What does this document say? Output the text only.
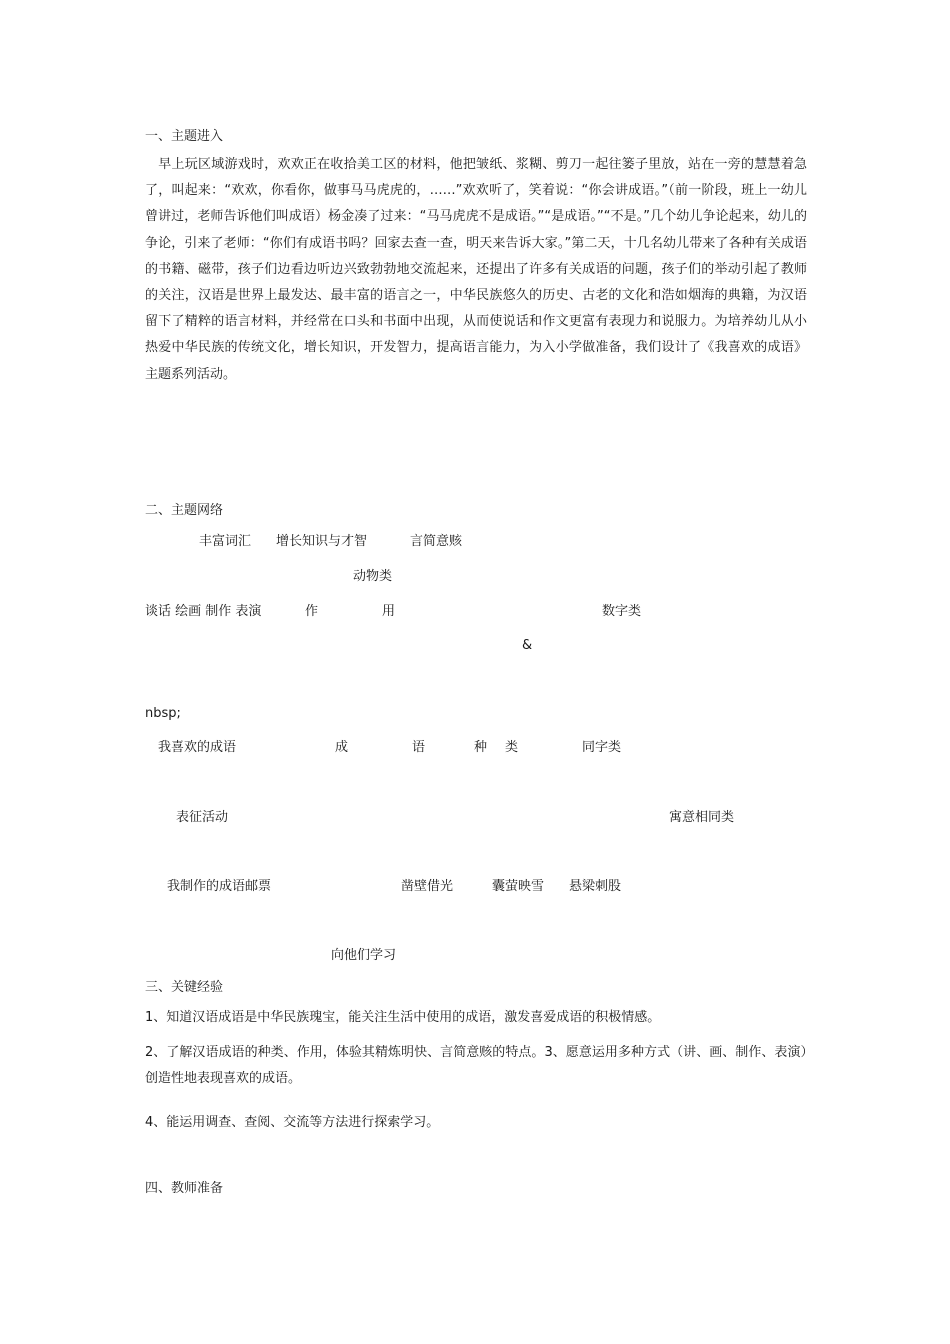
一、主题进入
早上玩区域游戏时，欢欢正在收拾美工区的材料，他把皱纸、浆糊、剪刀一起往篓子里放，站在一旁的慧慧着急了，叫起来：“欢欢，你看你，做事马马虎虎的，……”欢欢听了，笑着说：“你会讲成语。”（前一阶段，班上一幼儿曾讲过，老师告诉他们叫成语）杨金凑了过来：“马马虎虎不是成语。”“是成语。”“不是。”几个幼儿争论起来，幼儿的争论，引来了老师：“你们有成语书吗？回家去查一查，明天来告诉大家。”第二天，十几名幼儿带来了各种有关成语的书籍、磁带，孩子们边看边听边兴致勃勃地交流起来，还提出了许多有关成语的问题，孩子们的举动引起了教师的关注，汉语是世界上最发达、最丰富的语言之一，中华民族悠久的历史、古老的文化和浩如烟海的典籍，为汉语留下了精粹的语言材料，并经常在口头和书面中出现，从而使说话和作文更富有表现力和说服力。为培养幼儿从小热爱中华民族的传统文化，增长知识，开发智力，提高语言能力，为入小学做准备，我们设计了《我喜欢的成语》主题系列活动。
二、主题网络
丰富词汇 增长知识与才智	言简意赅
动物类
谈话 绘画 制作 表演	作	用	数字类
&
nbsp;
我喜欢的成语	成	语	种 类	同字类
表征活动	寓意相同类
我制作的成语邮票	凿壁借光	囊萤映雪 悬梁刺股
向他们学习
三、关键经验
1、知道汉语成语是中华民族瑰宝，能关注生活中使用的成语，激发喜爱成语的积极情感。
2、了解汉语成语的种类、作用，体验其精炼明快、言简意赅的特点。3、愿意运用多种方式（讲、画、制作、表演）创造性地表现喜欢的成语。
4、能运用调查、查阅、交流等方法进行探索学习。
四、教师准备
